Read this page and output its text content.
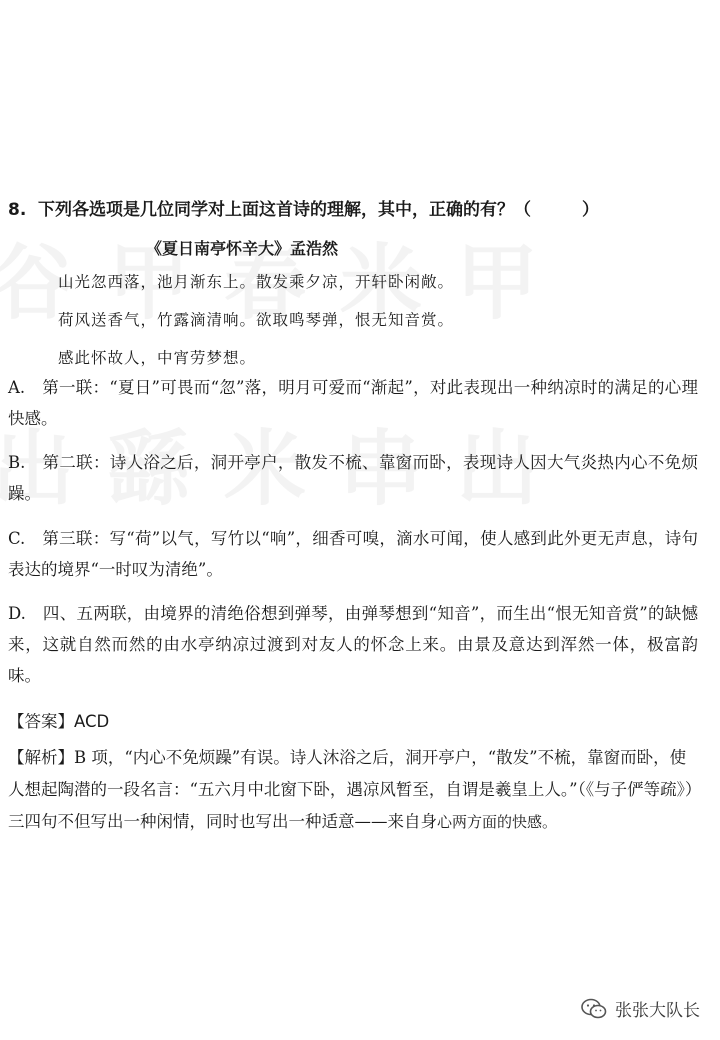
8. 下列各选项是几位同学对上面这首诗的理解，其中，正确的有？（　　　）
《夏日南亭怀辛大》孟浩然
山光忽西落，池月渐东上。散发乘夕凉，开轩卧闲敞。
荷风送香气，竹露滴清响。欲取鸣琴弹，恨无知音赏。
感此怀故人，中宵劳梦想。

A.　第一联：“夏日”可畏而“忽”落，明月可爱而“渐起”，对此表现出一种纳凉时的满足的心理快感。

B.　第二联：诗人浴之后，洞开亭户，散发不梳、靠窗而卧，表现诗人因大气炎热内心不免烦躁。

C.　第三联：写“荷”以气，写竹以“响”，细香可嗅，滴水可闻，使人感到此外更无声息，诗句表达的境界“一时叹为清绝”。

D.　四、五两联，由境界的清绝俗想到弹琴，由弹琴想到“知音”，而生出“恨无知音赏”的缺憾来，这就自然而然的由水亭纳凉过渡到对友人的怀念上来。由景及意达到浑然一体，极富韵味。

【答案】ACD

【解析】B 项，“内心不免烦躁”有误。诗人沐浴之后，洞开亭户，“散发”不梳，靠窗而卧，使人想起陶潜的一段名言：“五六月中北窗下卧，遇凉风暂至，自谓是羲皇上人。”（《与子俨等疏》）三四句不但写出一种闲情，同时也写出一种适意——来自身心两方面的快感。

张张大队长
